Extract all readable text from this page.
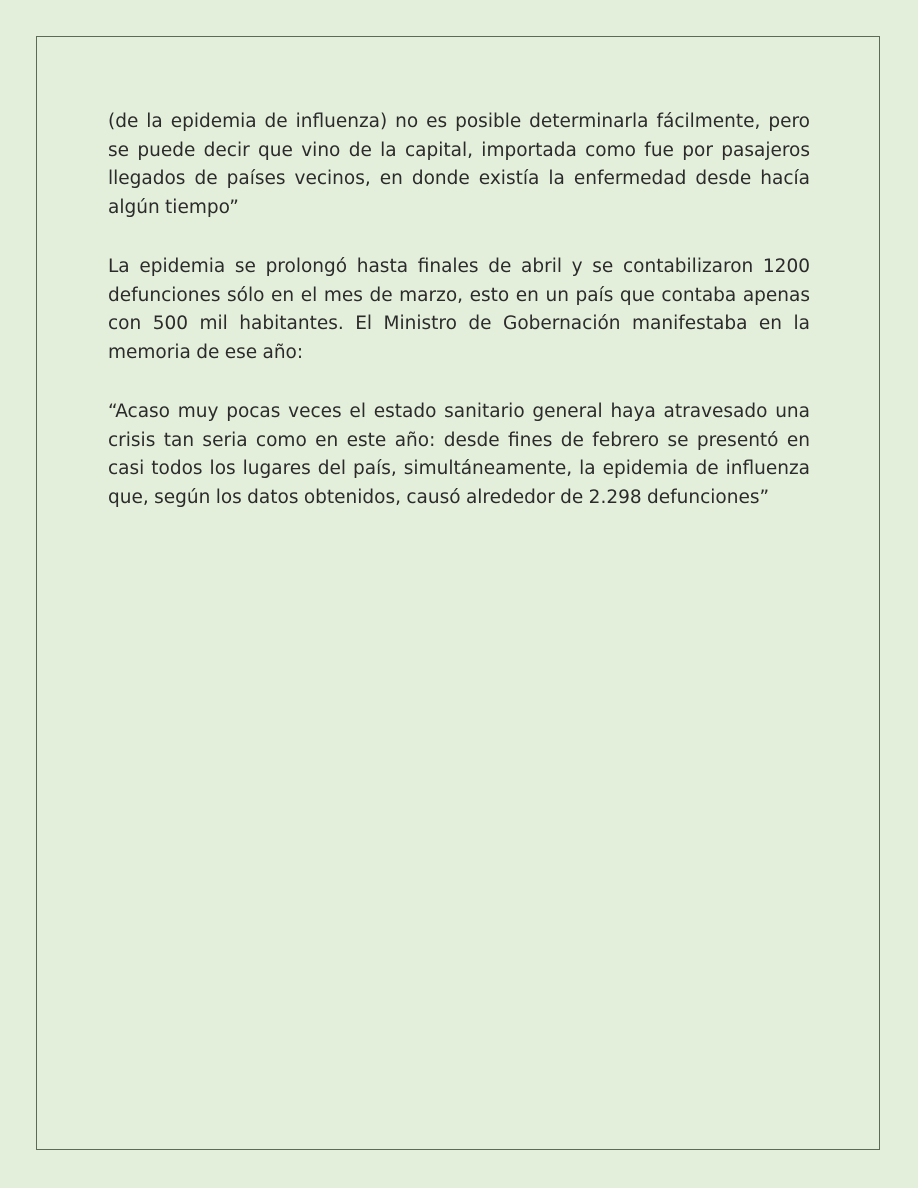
(de la epidemia de influenza) no es posible determinarla fácilmente, pero se puede decir que vino de la capital, importada como fue por pasajeros llegados de países vecinos, en donde existía la enfermedad desde hacía algún tiempo”

La epidemia se prolongó hasta finales de abril y se contabilizaron 1200 defunciones sólo en el mes de marzo, esto en un país que contaba apenas con 500 mil habitantes. El Ministro de Gobernación manifestaba en la memoria de ese año:

“Acaso muy pocas veces el estado sanitario general haya atravesado una crisis tan seria como en este año: desde fines de febrero se presentó en casi todos los lugares del país, simultáneamente, la epidemia de influenza que, según los datos obtenidos, causó alrededor de 2.298 defunciones”
